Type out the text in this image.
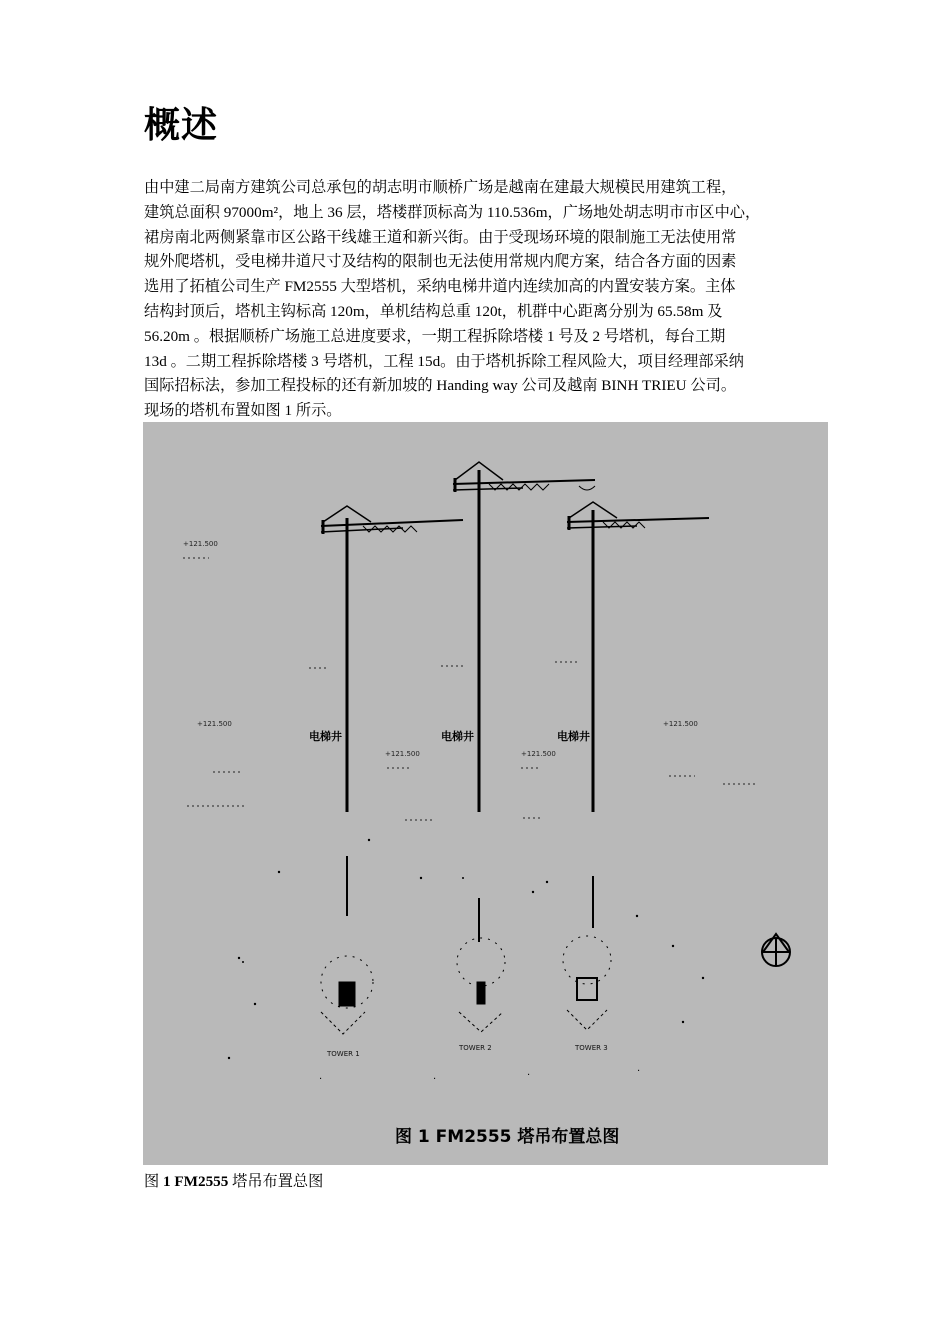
概述

由中建二局南方建筑公司总承包的胡志明市顺桥广场是越南在建最大规模民用建筑工程，
建筑总面积 97000m²，地上 36 层，塔楼群顶标高为 110.536m，广场地处胡志明市市区中心，
裙房南北两侧紧靠市区公路干线雄王道和新兴街。由于受现场环境的限制施工无法使用常
规外爬塔机，受电梯井道尺寸及结构的限制也无法使用常规内爬方案，结合各方面的因素
选用了拓植公司生产 FM2555 大型塔机，采纳电梯井道内连续加高的内置安装方案。主体
结构封顶后，塔机主钩标高 120m，单机结构总重 120t，机群中心距离分别为 65.58m 及
56.20m 。根据顺桥广场施工总进度要求，一期工程拆除塔楼 1 号及 2 号塔机，每台工期
13d 。二期工程拆除塔楼 3 号塔机，工程 15d。由于塔机拆除工程风险大，项目经理部采纳
国际招标法，参加工程投标的还有新加坡的 Handing way 公司及越南 BINH TRIEU 公司。
现场的塔机布置如图 1 所示。

电梯井	电梯井	电梯井
+121.500
+121.500
+121.500	+121.500
+121.500
TOWER 1
TOWER 2	TOWER 3
·	·	·	·
图 1 FM2555 塔吊布置总图
图 1 FM2555 塔吊布置总图
